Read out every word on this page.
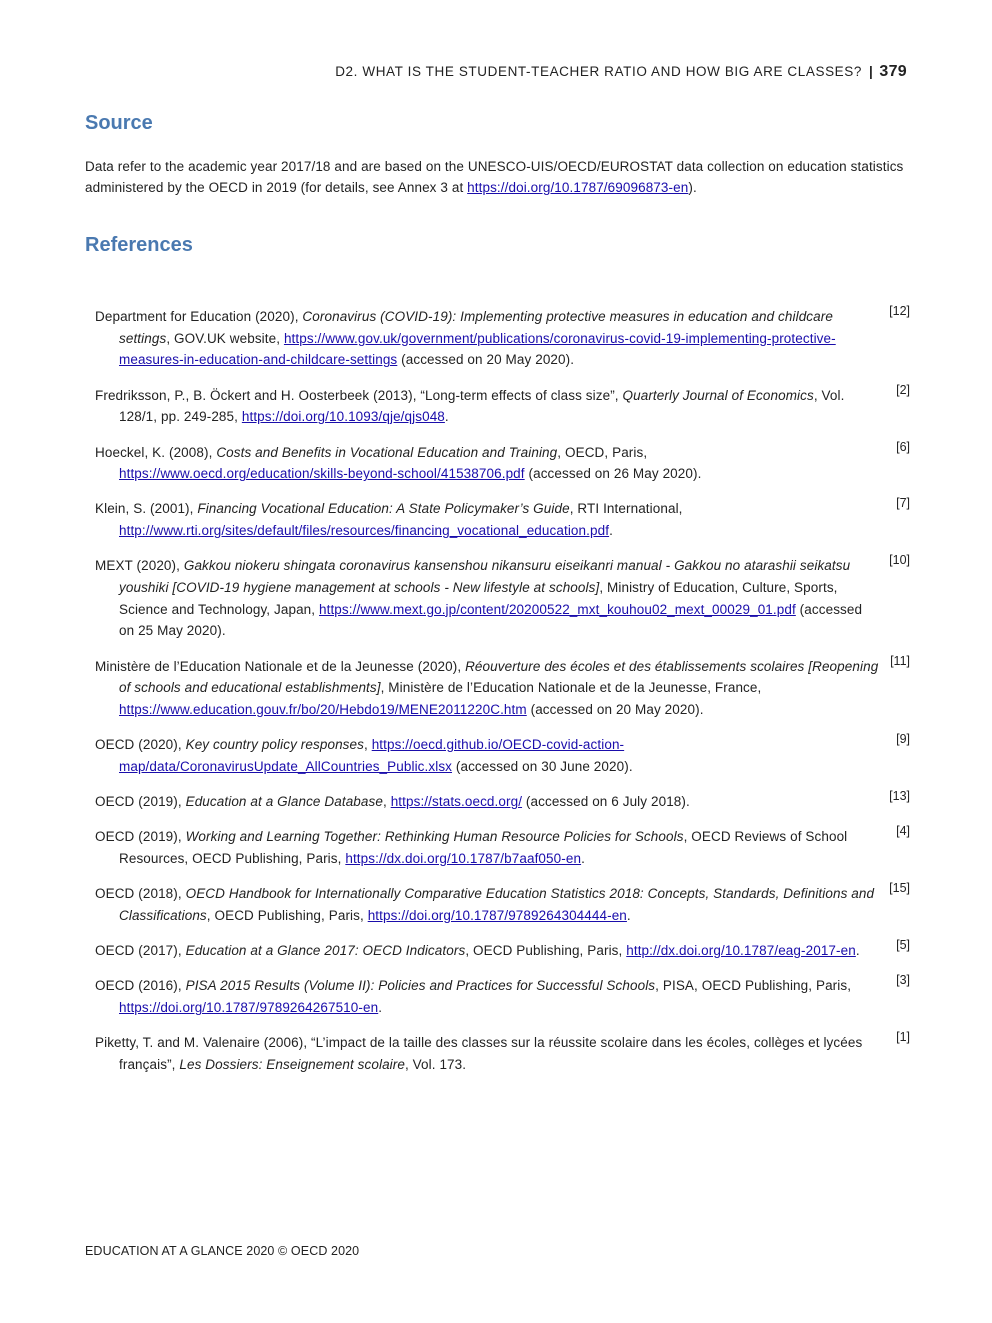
D2. WHAT IS THE STUDENT-TEACHER RATIO AND HOW BIG ARE CLASSES? | 379
Source

Data refer to the academic year 2017/18 and are based on the UNESCO-UIS/OECD/EUROSTAT data collection on education statistics administered by the OECD in 2019 (for details, see Annex 3 at https://doi.org/10.1787/69096873-en).

References

Department for Education (2020), Coronavirus (COVID-19): Implementing protective measures in education and childcare settings, GOV.UK website, https://www.gov.uk/government/publications/coronavirus-covid-19-implementing-protective-measures-in-education-and-childcare-settings (accessed on 20 May 2020).

[12]

Fredriksson, P., B. Öckert and H. Oosterbeek (2013), “Long-term effects of class size”, Quarterly Journal of Economics, Vol. 128/1, pp. 249-285, https://doi.org/10.1093/qje/qjs048.

[2]

Hoeckel, K. (2008), Costs and Benefits in Vocational Education and Training, OECD, Paris, https://www.oecd.org/education/skills-beyond-school/41538706.pdf (accessed on 26 May 2020).

[6]

Klein, S. (2001), Financing Vocational Education: A State Policymaker’s Guide, RTI International, http://www.rti.org/sites/default/files/resources/financing_vocational_education.pdf.

[7]

MEXT (2020), Gakkou niokeru shingata coronavirus kansenshou nikansuru eiseikanri manual - Gakkou no atarashii seikatsu youshiki [COVID-19 hygiene management at schools - New lifestyle at schools], Ministry of Education, Culture, Sports, Science and Technology, Japan, https://www.mext.go.jp/content/20200522_mxt_kouhou02_mext_00029_01.pdf (accessed on 25 May 2020).

[10]

Ministère de l’Education Nationale et de la Jeunesse (2020), Réouverture des écoles et des établissements scolaires [Reopening of schools and educational establishments], Ministère de l’Education Nationale et de la Jeunesse, France, https://www.education.gouv.fr/bo/20/Hebdo19/MENE2011220C.htm (accessed on 20 May 2020).

[11]

OECD (2020), Key country policy responses, https://oecd.github.io/OECD-covid-action-map/data/CoronavirusUpdate_AllCountries_Public.xlsx (accessed on 30 June 2020).

[9]

OECD (2019), Education at a Glance Database, https://stats.oecd.org/ (accessed on 6 July 2018).	[13]

OECD (2019), Working and Learning Together: Rethinking Human Resource Policies for Schools, OECD Reviews of School Resources, OECD Publishing, Paris, https://dx.doi.org/10.1787/b7aaf050-en.

[4]

OECD (2018), OECD Handbook for Internationally Comparative Education Statistics 2018: Concepts, Standards, Definitions and Classifications, OECD Publishing, Paris, https://doi.org/10.1787/9789264304444-en.

[15]

OECD (2017), Education at a Glance 2017: OECD Indicators, OECD Publishing, Paris, http://dx.doi.org/10.1787/eag-2017-en.	[5]

OECD (2016), PISA 2015 Results (Volume II): Policies and Practices for Successful Schools, PISA, OECD Publishing, Paris, https://doi.org/10.1787/9789264267510-en.

[3]

Piketty, T. and M. Valenaire (2006), “L’impact de la taille des classes sur la réussite scolaire dans les écoles, collèges et lycées français”, Les Dossiers: Enseignement scolaire, Vol. 173.

[1]
EDUCATION AT A GLANCE 2020 © OECD 2020
